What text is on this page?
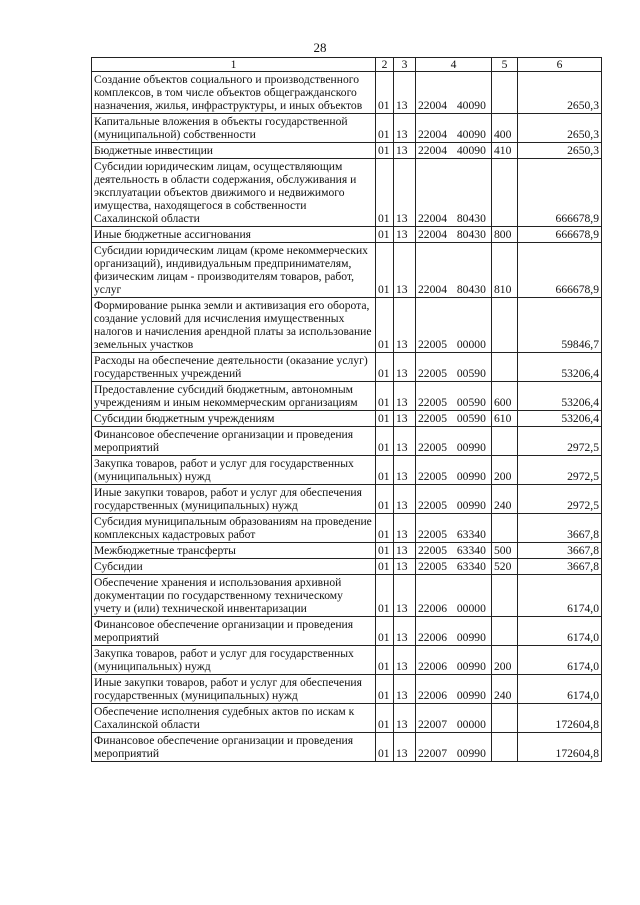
28
1	2	3	4	5	6
Создание объектов социального и производственного комплексов, в том числе объектов общегражданского назначения, жилья, инфраструктуры, и иных объектов	01	13	22004 40090		2650,3
Капитальные вложения в объекты государственной (муниципальной) собственности	01	13	22004 40090	400	2650,3
Бюджетные инвестиции	01	13	22004 40090	410	2650,3
Субсидии юридическим лицам, осуществляющим деятельность в области содержания, обслуживания и эксплуатации объектов движимого и недвижимого имущества, находящегося в собственности Сахалинской области	01	13	22004 80430		666678,9
Иные бюджетные ассигнования	01	13	22004 80430	800	666678,9
Субсидии юридическим лицам (кроме некоммерческих организаций), индивидуальным предпринимателям, физическим лицам - производителям товаров, работ, услуг	01	13	22004 80430	810	666678,9
Формирование рынка земли и активизация его оборота, создание условий для исчисления имущественных налогов и начисления арендной платы за использование земельных участков	01	13	22005 00000		59846,7
Расходы на обеспечение деятельности (оказание услуг) государственных учреждений	01	13	22005 00590		53206,4
Предоставление субсидий бюджетным, автономным учреждениям и иным некоммерческим организациям	01	13	22005 00590	600	53206,4
Субсидии бюджетным учреждениям	01	13	22005 00590	610	53206,4
Финансовое обеспечение организации и проведения мероприятий	01	13	22005 00990		2972,5
Закупка товаров, работ и услуг для государственных (муниципальных) нужд	01	13	22005 00990	200	2972,5
Иные закупки товаров, работ и услуг для обеспечения государственных (муниципальных) нужд	01	13	22005 00990	240	2972,5
Субсидия муниципальным образованиям на проведение комплексных кадастровых работ	01	13	22005 63340		3667,8
Межбюджетные трансферты	01	13	22005 63340	500	3667,8
Субсидии	01	13	22005 63340	520	3667,8
Обеспечение хранения и использования архивной документации по государственному техническому учету и (или) технической инвентаризации	01	13	22006 00000		6174,0
Финансовое обеспечение организации и проведения мероприятий	01	13	22006 00990		6174,0
Закупка товаров, работ и услуг для государственных (муниципальных) нужд	01	13	22006 00990	200	6174,0
Иные закупки товаров, работ и услуг для обеспечения государственных (муниципальных) нужд	01	13	22006 00990	240	6174,0
Обеспечение исполнения судебных актов по искам к Сахалинской области	01	13	22007 00000		172604,8
Финансовое обеспечение организации и проведения мероприятий	01	13	22007 00990		172604,8
